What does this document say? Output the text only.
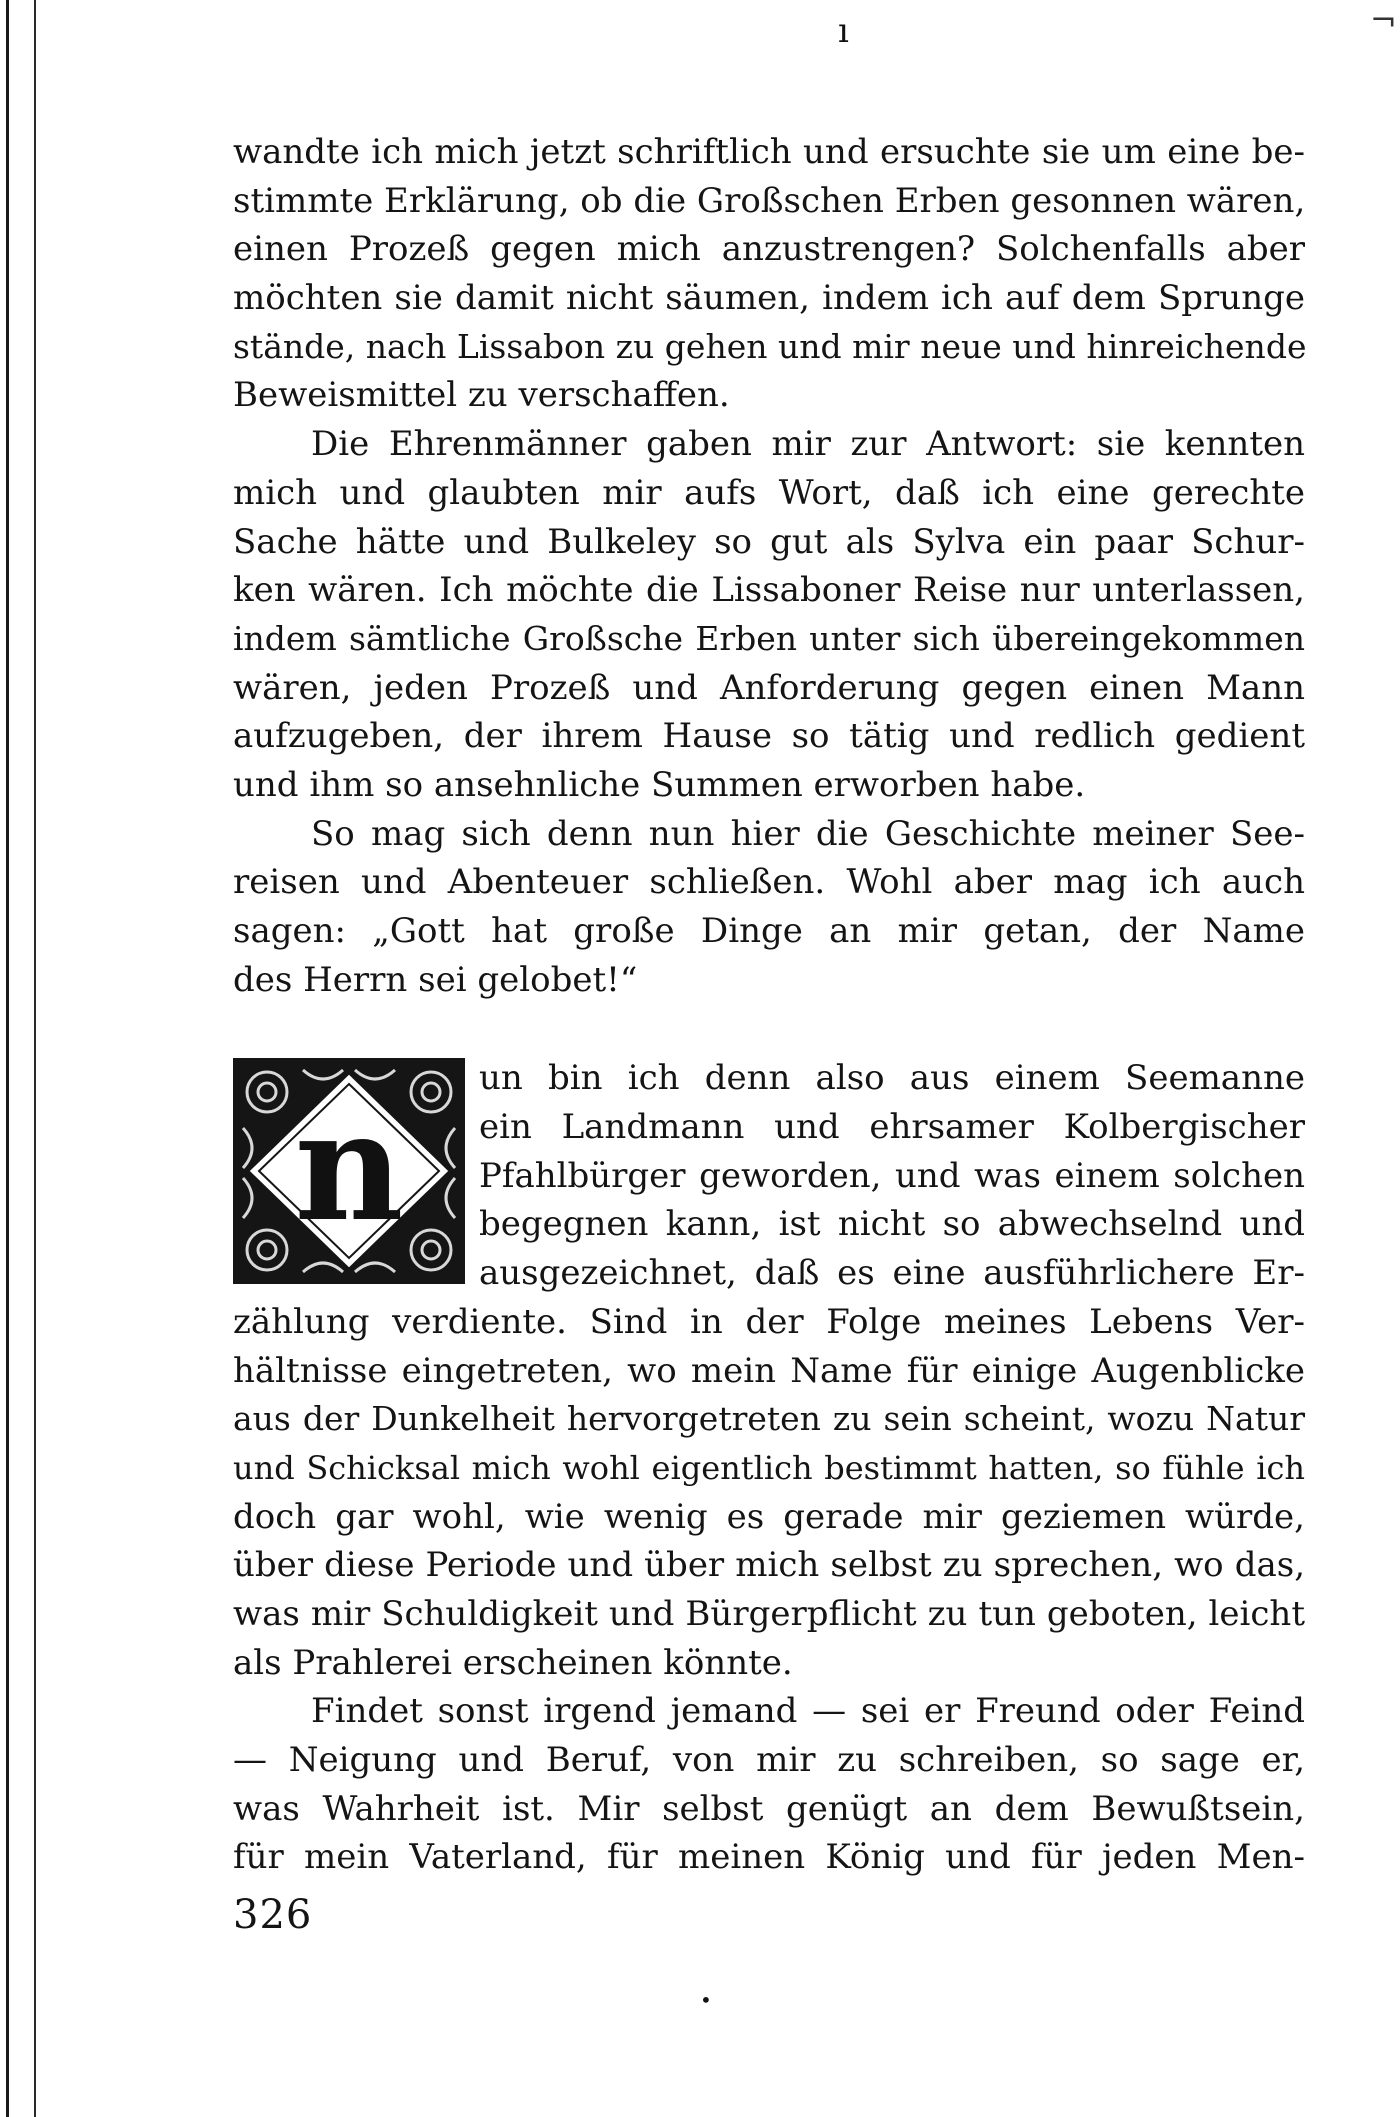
ı	¬
wandte ich mich jetzt schriftlich und ersuchte sie um eine be-
stimmte Erklärung, ob die Großschen Erben gesonnen wären,
einen Prozeß gegen mich anzustrengen? Solchenfalls aber
möchten sie damit nicht säumen, indem ich auf dem Sprunge
stände, nach Lissabon zu gehen und mir neue und hinreichende
Beweismittel zu verschaffen.
Die Ehrenmänner gaben mir zur Antwort: sie kennten
mich und glaubten mir aufs Wort, daß ich eine gerechte
Sache hätte und Bulkeley so gut als Sylva ein paar Schur-
ken wären. Ich möchte die Lissaboner Reise nur unterlassen,
indem sämtliche Großsche Erben unter sich übereingekommen
wären, jeden Prozeß und Anforderung gegen einen Mann
aufzugeben, der ihrem Hause so tätig und redlich gedient
und ihm so ansehnliche Summen erworben habe.
So mag sich denn nun hier die Geschichte meiner See-
reisen und Abenteuer schließen. Wohl aber mag ich auch
sagen: „Gott hat große Dinge an mir getan, der Name
des Herrn sei gelobet!“
n
un bin ich denn also aus einem Seemanne
ein Landmann und ehrsamer Kolbergischer
Pfahlbürger geworden, und was einem solchen
begegnen kann, ist nicht so abwechselnd und
ausgezeichnet, daß es eine ausführlichere Er-
zählung verdiente. Sind in der Folge meines Lebens Ver-
hältnisse eingetreten, wo mein Name für einige Augenblicke
aus der Dunkelheit hervorgetreten zu sein scheint, wozu Natur
und Schicksal mich wohl eigentlich bestimmt hatten, so fühle ich
doch gar wohl, wie wenig es gerade mir geziemen würde,
über diese Periode und über mich selbst zu sprechen, wo das,
was mir Schuldigkeit und Bürgerpflicht zu tun geboten, leicht
als Prahlerei erscheinen könnte.
Findet sonst irgend jemand — sei er Freund oder Feind
— Neigung und Beruf, von mir zu schreiben, so sage er,
was Wahrheit ist. Mir selbst genügt an dem Bewußtsein,
für mein Vaterland, für meinen König und für jeden Men-
326
•
